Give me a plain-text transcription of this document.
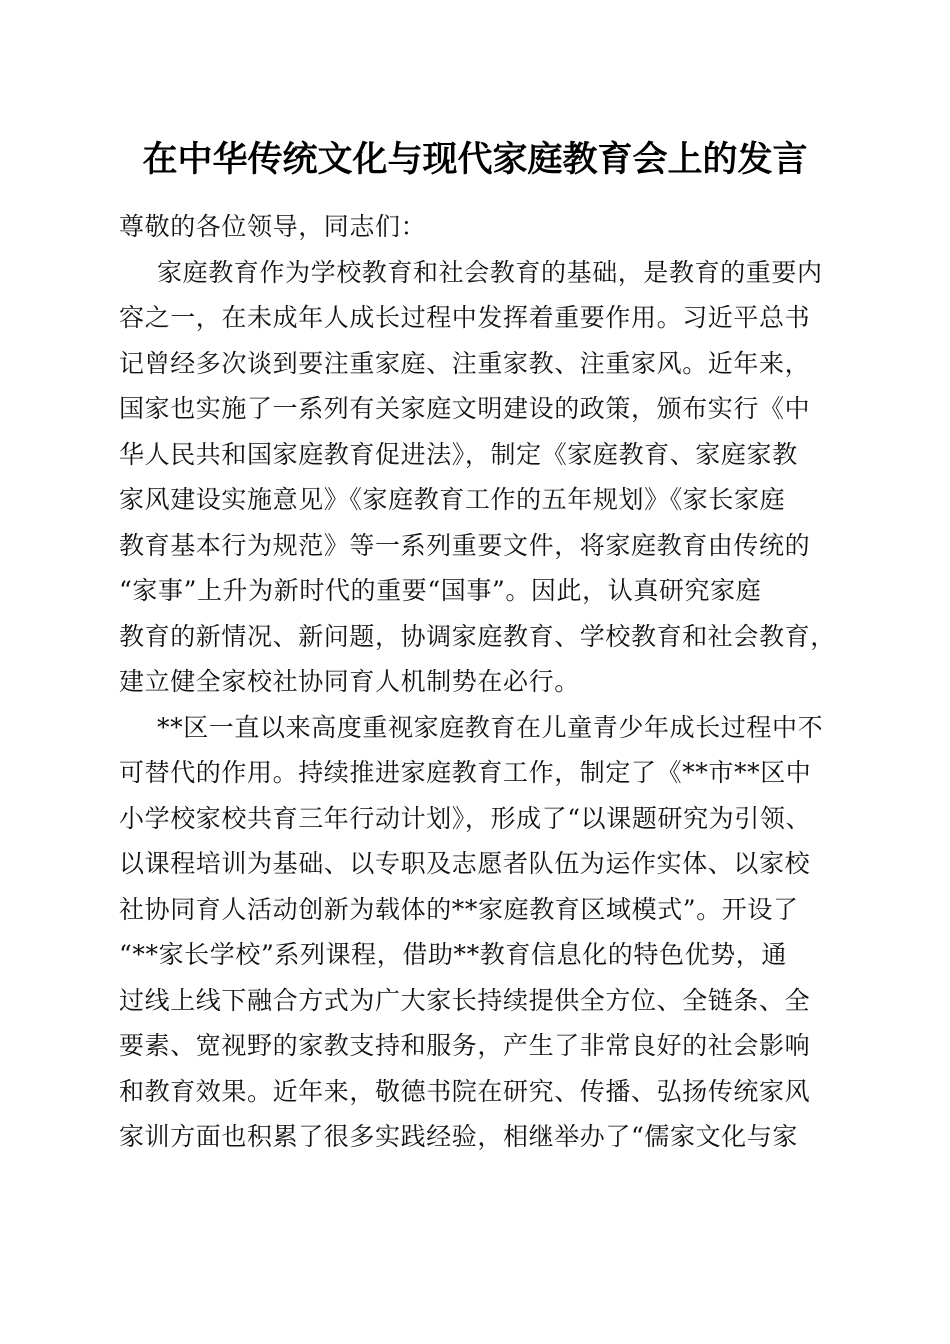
在中华传统文化与现代家庭教育会上的发言
尊敬的各位领导，同志们：
家庭教育作为学校教育和社会教育的基础，是教育的重要内
容之一，在未成年人成长过程中发挥着重要作用。习近平总书
记曾经多次谈到要注重家庭、注重家教、注重家风。近年来，
国家也实施了一系列有关家庭文明建设的政策，颁布实行《中
华人民共和国家庭教育促进法》，制定《家庭教育、家庭家教
家风建设实施意见》《家庭教育工作的五年规划》《家长家庭
教育基本行为规范》等一系列重要文件，将家庭教育由传统的
“家事”上升为新时代的重要“国事”。因此，认真研究家庭
教育的新情况、新问题，协调家庭教育、学校教育和社会教育，
建立健全家校社协同育人机制势在必行。
**区一直以来高度重视家庭教育在儿童青少年成长过程中不
可替代的作用。持续推进家庭教育工作，制定了《**市**区中
小学校家校共育三年行动计划》，形成了“以课题研究为引领、
以课程培训为基础、以专职及志愿者队伍为运作实体、以家校
社协同育人活动创新为载体的**家庭教育区域模式”。开设了
“**家长学校”系列课程，借助**教育信息化的特色优势，通
过线上线下融合方式为广大家长持续提供全方位、全链条、全
要素、宽视野的家教支持和服务，产生了非常良好的社会影响
和教育效果。近年来，敬德书院在研究、传播、弘扬传统家风
家训方面也积累了很多实践经验，相继举办了“儒家文化与家
